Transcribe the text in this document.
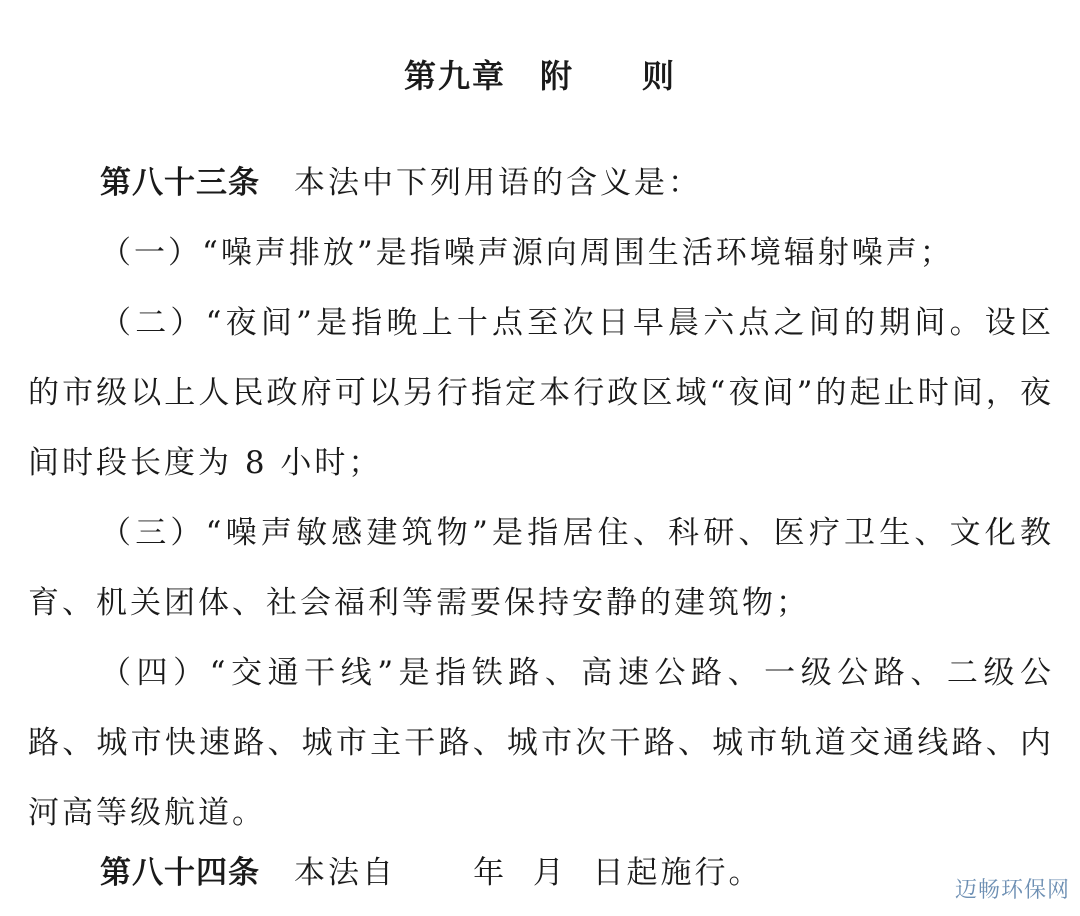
第九章　附　　则

第八十三条 本法中下列用语的含义是：

（一）“噪声排放”是指噪声源向周围生活环境辐射噪声；

（二）“夜间”是指晚上十点至次日早晨六点之间的期间。设区的市级以上人民政府可以另行指定本行政区域“夜间”的起止时间，夜间时段长度为 8 小时；

（三）“噪声敏感建筑物”是指居住、科研、医疗卫生、文化教育、机关团体、社会福利等需要保持安静的建筑物；

（四）“交通干线”是指铁路、高速公路、一级公路、二级公路、城市快速路、城市主干路、城市次干路、城市轨道交通线路、内河高等级航道。

第八十四条 本法自 年 月 日起施行。	迈畅环保网
